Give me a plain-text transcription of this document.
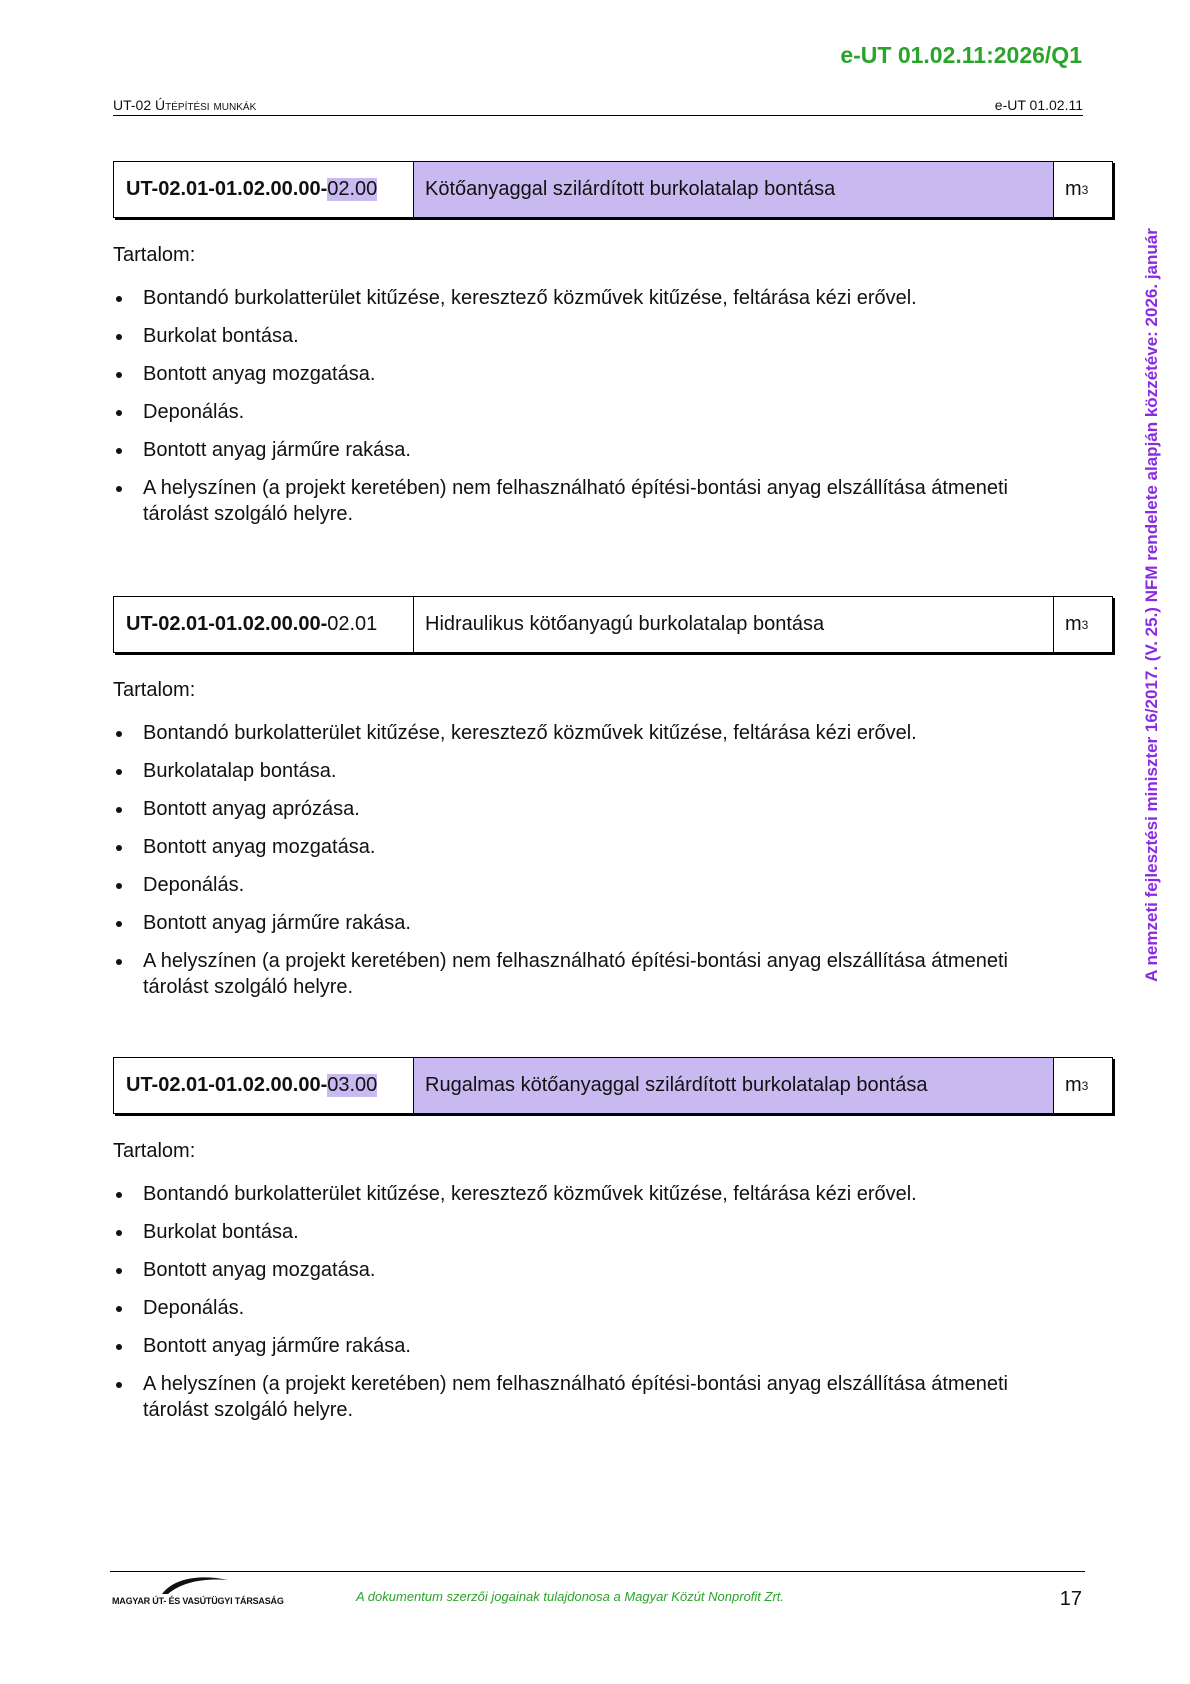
e-UT 01.02.11:2026/Q1
UT-02 Útépítési munkák	e-UT 01.02.11
A nemzeti fejlesztési miniszter 16/2017. (V. 25.) NFM rendelete alapján közzétéve: 2026. január
UT-02.01-01.02.00.00- 02.00	Kötőanyaggal szilárdított burkolatalap bontása	m 3
Tartalom:
Bontandó burkolatterület kitűzése, keresztező közművek kitűzése, feltárása kézi erővel.
Burkolat bontása.
Bontott anyag mozgatása.
Deponálás.
Bontott anyag járműre rakása.
A helyszínen (a projekt keretében) nem felhasználható építési-bontási anyag elszállítása átmeneti tárolást szolgáló helyre.
UT-02.01-01.02.00.00- 02.01	Hidraulikus kötőanyagú burkolatalap bontása	m 3
Tartalom:
Bontandó burkolatterület kitűzése, keresztező közművek kitűzése, feltárása kézi erővel.
Burkolatalap bontása.
Bontott anyag aprózása.
Bontott anyag mozgatása.
Deponálás.
Bontott anyag járműre rakása.
A helyszínen (a projekt keretében) nem felhasználható építési-bontási anyag elszállítása átmeneti tárolást szolgáló helyre.
UT-02.01-01.02.00.00- 03.00	Rugalmas kötőanyaggal szilárdított burkolatalap bontása	m 3
Tartalom:
Bontandó burkolatterület kitűzése, keresztező közművek kitűzése, feltárása kézi erővel.
Burkolat bontása.
Bontott anyag mozgatása.
Deponálás.
Bontott anyag járműre rakása.
A helyszínen (a projekt keretében) nem felhasználható építési-bontási anyag elszállítása átmeneti tárolást szolgáló helyre.
MAGYAR ÚT- ÉS VASÚTÜGYI TÁRSASÁG	A dokumentum szerzői jogainak tulajdonosa a Magyar Közút Nonprofit Zrt.	17
